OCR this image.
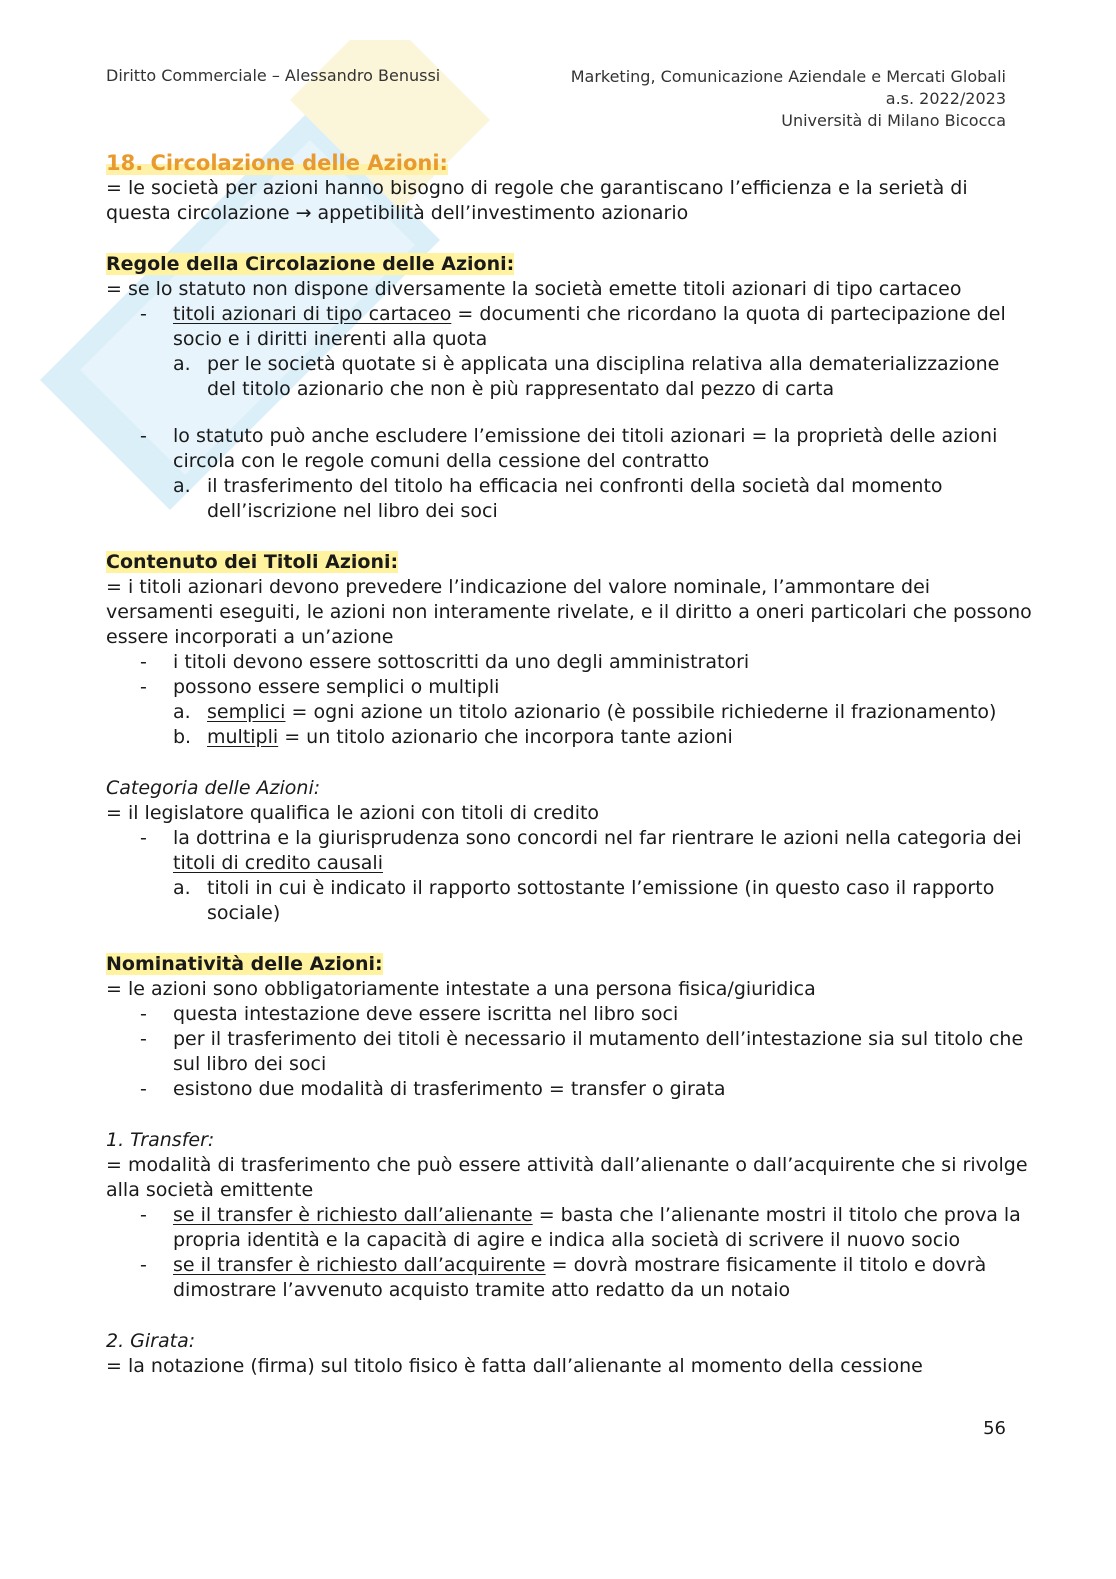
Diritto Commerciale – Alessandro Benussi	Marketing, Comunicazione Aziendale e Mercati Globali
a.s. 2022/2023
Università di Milano Bicocca
18. Circolazione delle Azioni:
= le società per azioni hanno bisogno di regole che garantiscano l’efficienza e la serietà di
questa circolazione → appetibilità dell’investimento azionario
Regole della Circolazione delle Azioni:
= se lo statuto non dispone diversamente la società emette titoli azionari di tipo cartaceo
- titoli azionari di tipo cartaceo = documenti che ricordano la quota di partecipazione del
socio e i diritti inerenti alla quota
a. per le società quotate si è applicata una disciplina relativa alla dematerializzazione
del titolo azionario che non è più rappresentato dal pezzo di carta
- lo statuto può anche escludere l’emissione dei titoli azionari = la proprietà delle azioni
circola con le regole comuni della cessione del contratto
a. il trasferimento del titolo ha efficacia nei confronti della società dal momento
dell’iscrizione nel libro dei soci
Contenuto dei Titoli Azioni:
= i titoli azionari devono prevedere l’indicazione del valore nominale, l’ammontare dei
versamenti eseguiti, le azioni non interamente rivelate, e il diritto a oneri particolari che possono
essere incorporati a un’azione
- i titoli devono essere sottoscritti da uno degli amministratori
- possono essere semplici o multipli
a. semplici = ogni azione un titolo azionario (è possibile richiederne il frazionamento)
b. multipli = un titolo azionario che incorpora tante azioni
Categoria delle Azioni:
= il legislatore qualifica le azioni con titoli di credito
- la dottrina e la giurisprudenza sono concordi nel far rientrare le azioni nella categoria dei
titoli di credito causali
a. titoli in cui è indicato il rapporto sottostante l’emissione (in questo caso il rapporto
sociale)
Nominatività delle Azioni:
= le azioni sono obbligatoriamente intestate a una persona fisica/giuridica
- questa intestazione deve essere iscritta nel libro soci
- per il trasferimento dei titoli è necessario il mutamento dell’intestazione sia sul titolo che
sul libro dei soci
- esistono due modalità di trasferimento = transfer o girata
1. Transfer:
= modalità di trasferimento che può essere attività dall’alienante o dall’acquirente che si rivolge
alla società emittente
- se il transfer è richiesto dall’alienante = basta che l’alienante mostri il titolo che prova la
propria identità e la capacità di agire e indica alla società di scrivere il nuovo socio
- se il transfer è richiesto dall’acquirente = dovrà mostrare fisicamente il titolo e dovrà
dimostrare l’avvenuto acquisto tramite atto redatto da un notaio
2. Girata:
= la notazione (firma) sul titolo fisico è fatta dall’alienante al momento della cessione
56
